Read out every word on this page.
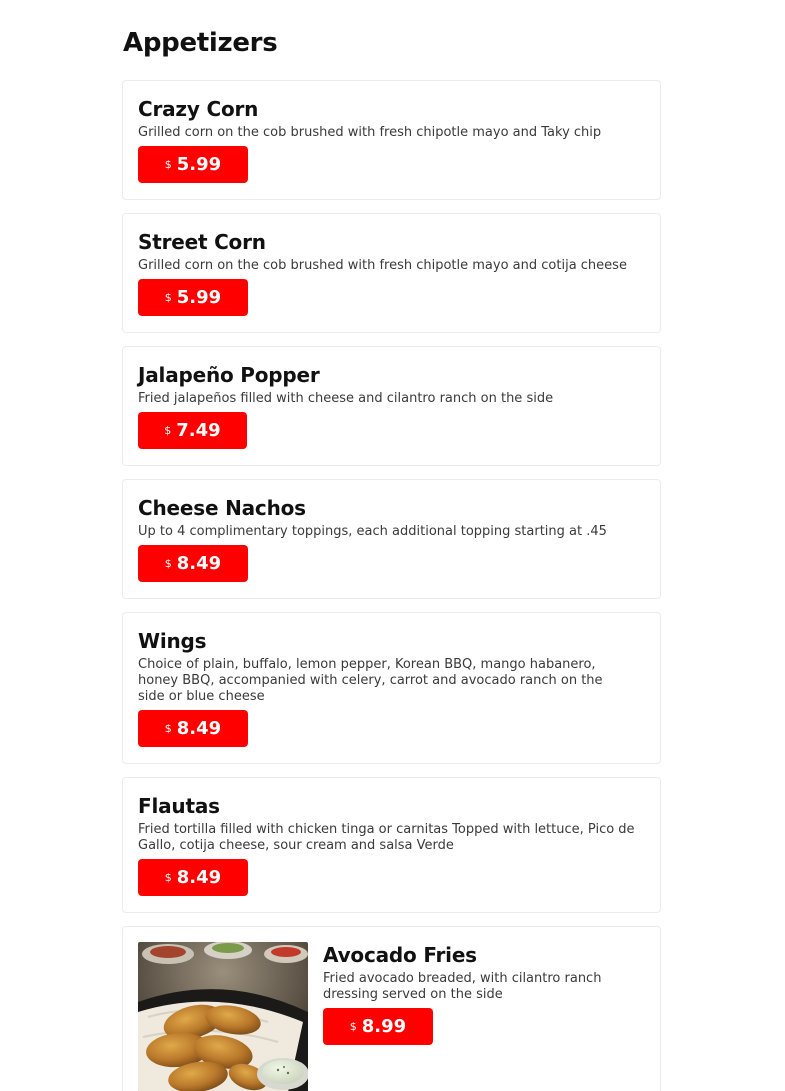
Appetizers
Crazy Corn

Grilled corn on the cob brushed with fresh chipotle mayo and Taky chip

$ 5.99
Street Corn

Grilled corn on the cob brushed with fresh chipotle mayo and cotija cheese

$ 5.99
Jalapeño Popper

Fried jalapeños filled with cheese and cilantro ranch on the side

$ 7.49
Cheese Nachos

Up to 4 complimentary toppings, each additional topping starting at .45

$ 8.49
Wings

Choice of plain, buffalo, lemon pepper, Korean BBQ, mango habanero, honey BBQ, accompanied with celery, carrot and avocado ranch on the side or blue cheese

$ 8.49
Flautas

Fried tortilla filled with chicken tinga or carnitas Topped with lettuce, Pico de Gallo, cotija cheese, sour cream and salsa Verde

$ 8.49
Avocado Fries

Fried avocado breaded, with cilantro ranch dressing served on the side

$ 8.99
